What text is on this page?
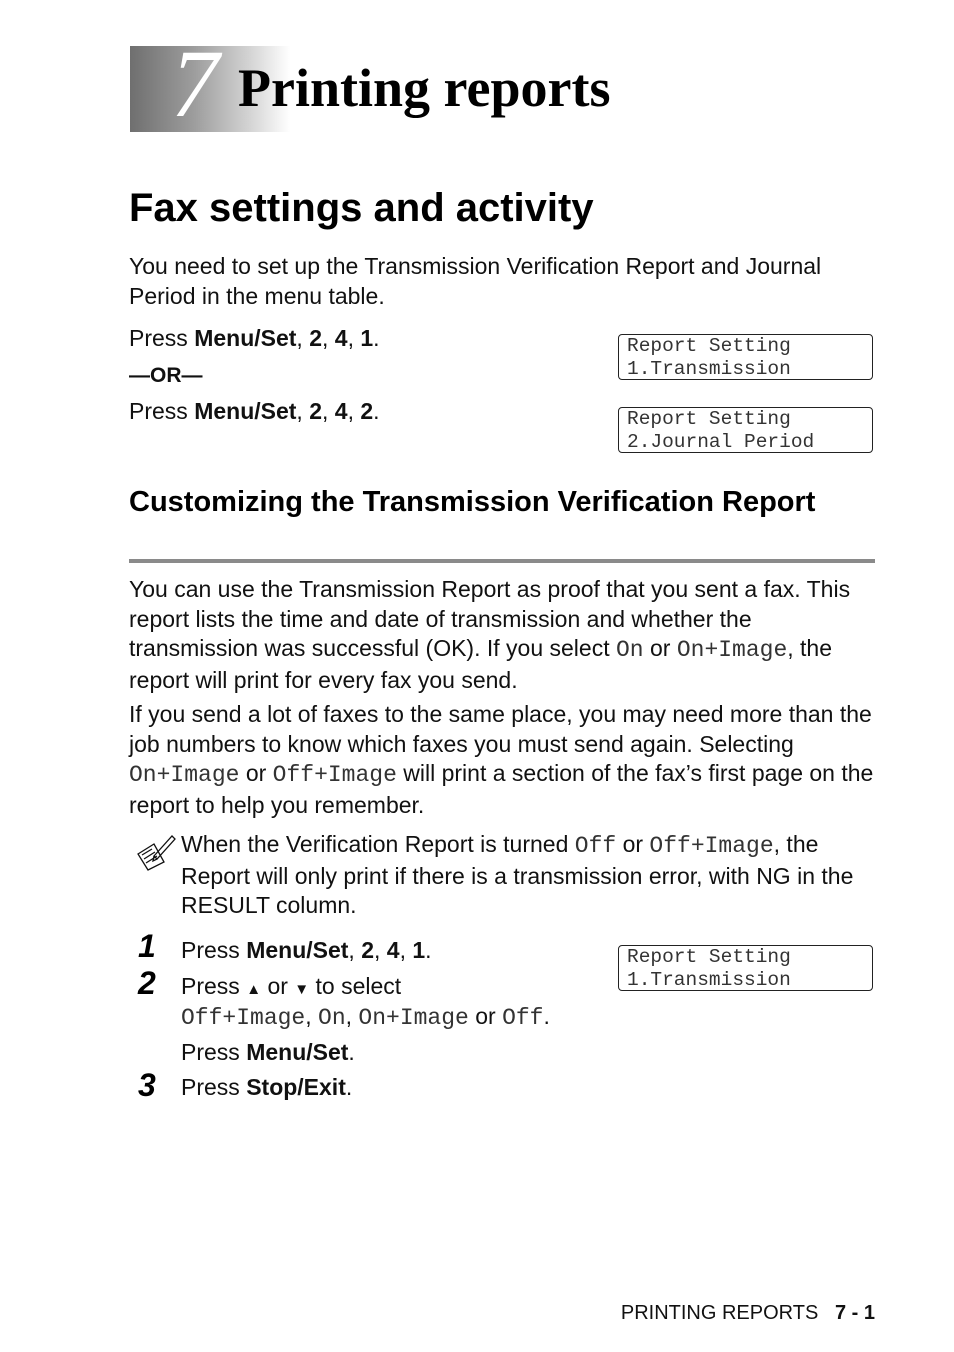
7 Printing reports
Fax settings and activity
You need to set up the Transmission Verification Report and Journal Period in the menu table.
Press Menu/Set, 2, 4, 1.
—OR—
Press Menu/Set, 2, 4, 2.
Report Setting
1.Transmission
Report Setting
2.Journal Period
Customizing the Transmission Verification Report
You can use the Transmission Report as proof that you sent a fax. This report lists the time and date of transmission and whether the transmission was successful (OK). If you select On or On+Image, the report will print for every fax you send.
If you send a lot of faxes to the same place, you may need more than the job numbers to know which faxes you must send again. Selecting On+Image or Off+Image will print a section of the fax’s first page on the report to help you remember.
When the Verification Report is turned Off or Off+Image, the Report will only print if there is a transmission error, with NG in the RESULT column.
1 Press Menu/Set, 2, 4, 1.
2 Press ▲ or ▼ to select
Off+Image, On, On+Image or Off.
Press Menu/Set.
3 Press Stop/Exit.
Report Setting
1.Transmission
PRINTING REPORTS 7 - 1
